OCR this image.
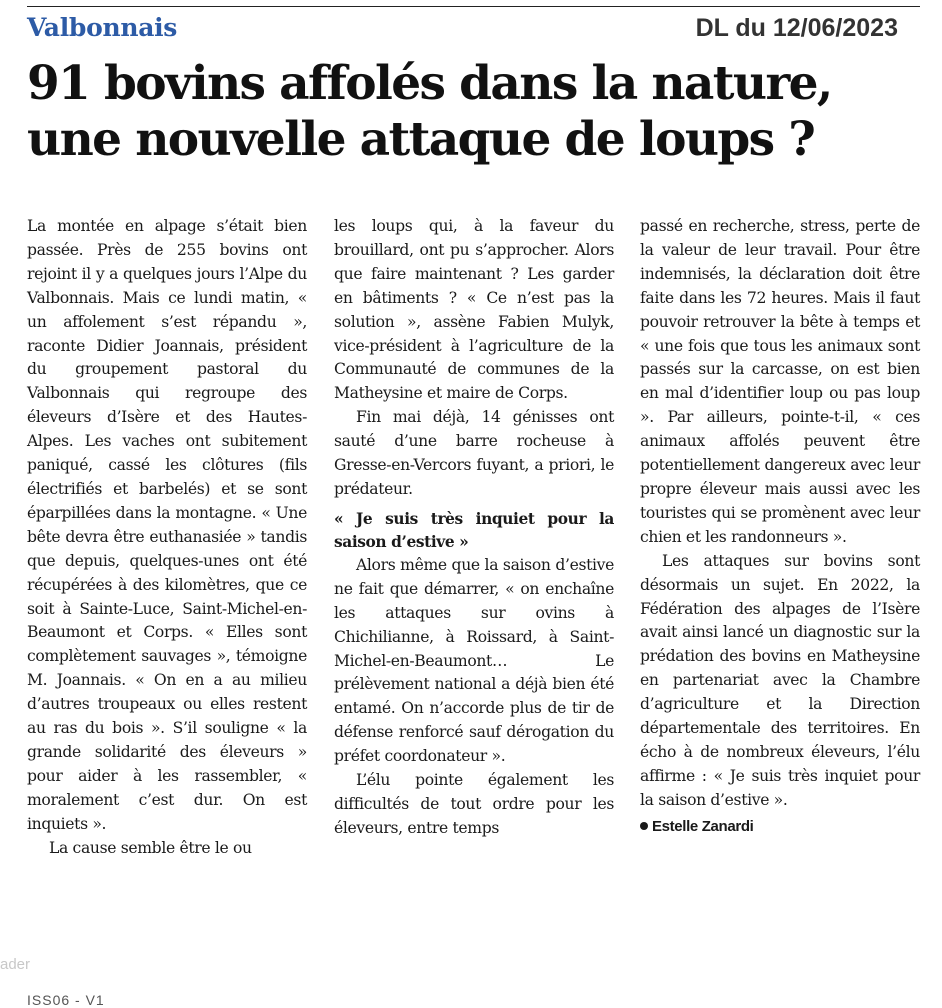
Valbonnais	DL du 12/06/2023
91 bovins affolés dans la nature,
une nouvelle attaque de loups ?

La montée en alpage s’était bien passée. Près de 255 bovins ont rejoint il y a quelques jours l’Alpe du Valbonnais. Mais ce lundi matin, « un affolement s’est répandu », raconte Didier Joannais, président du groupement pastoral du Valbonnais qui regroupe des éleveurs d’Isère et des Hautes-Alpes. Les vaches ont subitement paniqué, cassé les clôtures (fils électrifiés et barbelés) et se sont éparpillées dans la montagne. « Une bête devra être euthanasiée » tandis que depuis, quelques-unes ont été récupérées à des kilomètres, que ce soit à Sainte-Luce, Saint-Michel-en-Beaumont et Corps. « Elles sont complètement sauvages », témoigne M. Joannais. « On en a au milieu d’autres troupeaux ou elles restent au ras du bois ». S’il souligne « la grande solidarité des éleveurs » pour aider à les rassembler, « moralement c’est dur. On est inquiets ».

La cause semble être le ou

les loups qui, à la faveur du brouillard, ont pu s’approcher. Alors que faire maintenant ? Les garder en bâtiments ? « Ce n’est pas la solution », assène Fabien Mulyk, vice-président à l’agriculture de la Communauté de communes de la Matheysine et maire de Corps.

Fin mai déjà, 14 génisses ont sauté d’une barre rocheuse à Gresse-en-Vercors fuyant, a priori, le prédateur.

« Je suis très inquiet pour la saison d’estive »

Alors même que la saison d’estive ne fait que démarrer, « on enchaîne les attaques sur ovins à Chichilianne, à Roissard, à Saint-Michel-en-Beaumont… Le prélèvement national a déjà bien été entamé. On n’accorde plus de tir de défense renforcé sauf dérogation du préfet coordonateur ».

L’élu pointe également les difficultés de tout ordre pour les éleveurs, entre temps

passé en recherche, stress, perte de la valeur de leur travail. Pour être indemnisés, la déclaration doit être faite dans les 72 heures. Mais il faut pouvoir retrouver la bête à temps et « une fois que tous les animaux sont passés sur la carcasse, on est bien en mal d’identifier loup ou pas loup ». Par ailleurs, pointe-t-il, « ces animaux affolés peuvent être potentiellement dangereux avec leur propre éleveur mais aussi avec les touristes qui se promènent avec leur chien et les randonneurs ».

Les attaques sur bovins sont désormais un sujet. En 2022, la Fédération des alpages de l’Isère avait ainsi lancé un diagnostic sur la prédation des bovins en Matheysine en partenariat avec la Chambre d’agriculture et la Direction départementale des territoires. En écho à de nombreux éleveurs, l’élu affirme : « Je suis très inquiet pour la saison d’estive ».

Estelle Zanardi
ader
ISS06 - V1
